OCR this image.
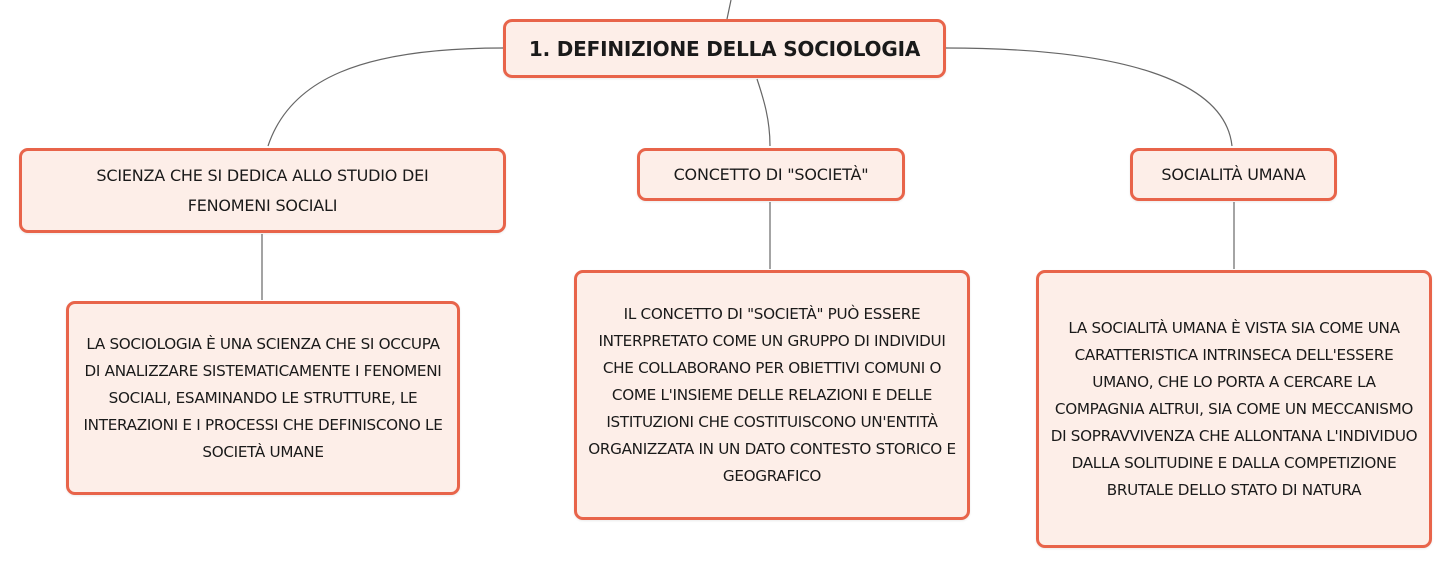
1. DEFINIZIONE DELLA SOCIOLOGIA
SCIENZA CHE SI DEDICA ALLO STUDIO DEI FENOMENI SOCIALI
CONCETTO DI "SOCIETÀ"	SOCIALITÀ UMANA
LA SOCIOLOGIA È UNA SCIENZA CHE SI OCCUPA DI ANALIZZARE SISTEMATICAMENTE I FENOMENI SOCIALI, ESAMINANDO LE STRUTTURE, LE INTERAZIONI E I PROCESSI CHE DEFINISCONO LE SOCIETÀ UMANE
IL CONCETTO DI "SOCIETÀ" PUÒ ESSERE INTERPRETATO COME UN GRUPPO DI INDIVIDUI CHE COLLABORANO PER OBIETTIVI COMUNI O COME L'INSIEME DELLE RELAZIONI E DELLE ISTITUZIONI CHE COSTITUISCONO UN'ENTITÀ ORGANIZZATA IN UN DATO CONTESTO STORICO E GEOGRAFICO
LA SOCIALITÀ UMANA È VISTA SIA COME UNA CARATTERISTICA INTRINSECA DELL'ESSERE UMANO, CHE LO PORTA A CERCARE LA COMPAGNIA ALTRUI, SIA COME UN MECCANISMO DI SOPRAVVIVENZA CHE ALLONTANA L'INDIVIDUO DALLA SOLITUDINE E DALLA COMPETIZIONE BRUTALE DELLO STATO DI NATURA
